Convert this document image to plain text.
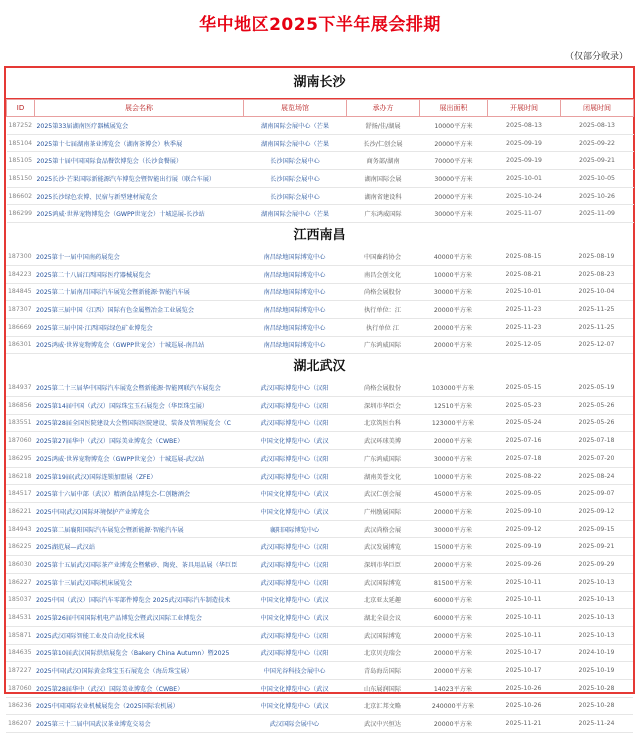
华中地区2025下半年展会排期
（仅部分收录）
湖南长沙
ID	展会名称	展览场馆	承办方	展出面积	开展时间	闭展时间
187252	2025第33届湖南医疗器械展览会	湖南国际会展中心（芒果	舒扬/佳/湖展	10000平方米	2025-08-13	2025-08-13
185104	2025第十七届湖南茶业博览会（湖南茶博会）秋季展	湖南国际会展中心（芒果	长沙/仁创会展	20000平方米	2025-09-19	2025-09-22
185105	2025第十届中国国际食品餐饮博览会（长沙食餐展）	长沙国际会展中心	商务部/湖南	70000平方米	2025-09-19	2025-09-21
185150	2025长沙·芒果国际新能源汽车博览会暨智能出行展（联合车展）	长沙国际会展中心	湖南国际会展	30000平方米	2025-10-01	2025-10-05
186602	2025长沙绿色农博、民宿与新型建材展览会	长沙国际会展中心	湖南省建设科	20000平方米	2025-10-24	2025-10-26
186299	2025鸿威·世界宠物博览会（GWPP世宠会）十城巡展-长沙站	湖南国际会展中心（芒果	广东鸿威国际	30000平方米	2025-11-07	2025-11-09
江西南昌
187300	2025第十一届中国南药展览会	南昌绿地国际博览中心	中国畜药协会	40000平方米	2025-08-15	2025-08-19
184223	2025第二十八届江西国际医疗器械展览会	南昌绿地国际博览中心	南昌会创文化	10000平方米	2025-08-21	2025-08-23
184845	2025第二十届南昌国际汽车展览会暨新能源·智能汽车展	南昌绿地国际博览中心	尚格会展股份	30000平方米	2025-10-01	2025-10-04
187307	2025第三届中国（江西）国际有色金属暨冶金工业展览会	南昌绿地国际博览中心	执行单位：江	20000平方米	2025-11-23	2025-11-25
186669	2025第三届中国·江西国际绿色矿业博览会	南昌绿地国际博览中心	执行单位 江	20000平方米	2025-11-23	2025-11-25
186301	2025鸿威·世界宠物博览会（GWPP世宠会）十城巡展-南昌站	南昌绿地国际博览中心	广东鸿威国际	20000平方米	2025-12-05	2025-12-07
湖北武汉
184937	2025第二十三届华中国际汽车展览会暨新能源·智能网联汽车展览会	武汉国际博览中心（汉阳	尚格会展股份	103000平方米	2025-05-15	2025-05-19
186856	2025第14届中国（武汉）国际珠宝玉石展览会（华臣珠宝展）	武汉国际博览中心（汉阳	深圳市华臣会	12510平方米	2025-05-23	2025-05-26
183551	2025第28届全国医院建设大会暨国际医院建设、装备及管理展览会（C	武汉国际博览中心（汉阳	北京筑医台科	123000平方米	2025-05-24	2025-05-26
187060	2025第27届华中（武汉）国际美业博览会（CWBE）	中国文化博览中心（武汉	武汉环球美博	20000平方米	2025-07-16	2025-07-18
186295	2025鸿威·世界宠物博览会（GWPP世宠会）十城巡展-武汉站	武汉国际博览中心（汉阳	广东鸿威国际	30000平方米	2025-07-18	2025-07-20
186218	2025第19届(武汉)国际连锁加盟展（ZFE）	武汉国际博览中心（汉阳	湖南美誉文化	10000平方米	2025-08-22	2025-08-24
184517	2025第十六届中部（武汉）精酒食品博览会-仁创糖酒会	中国文化博览中心（武汉	武汉仁创会展	45000平方米	2025-09-05	2025-09-07
186221	2025中国(武汉)国际环境保护产业博览会	中国文化博览中心（武汉	广州励展国际	20000平方米	2025-09-10	2025-09-12
184943	2025第二届襄阳国际汽车展览会暨新能源·智能汽车展	襄阳国际博览中心	武汉尚格会展	30000平方米	2025-09-12	2025-09-15
186225	2025湖范展—武汉站	武汉国际博览中心（汉阳	武汉发展博览	15000平方米	2025-09-19	2025-09-21
186030	2025第十五届武汉国际茶产业博览会暨紫砂、陶瓷、茶具用品展（华巨臣	武汉国际博览中心（汉阳	深圳市华巨臣	20000平方米	2025-09-26	2025-09-29
186227	2025第十三届武汉国际机床展览会	武汉国际博览中心（汉阳	武汉国际博览	81500平方米	2025-10-11	2025-10-13
185037	2025中国（武汉）国际汽车零部件博览会 2025武汉国际汽车制造技术	中国文化博览中心（武汉	北京亚太延趣	60000平方米	2025-10-11	2025-10-13
184531	2025第26届中国国际机电产品博览会暨武汉国际工业博览会	中国文化博览中心（武汉	湖北全晨会议	60000平方米	2025-10-11	2025-10-13
185871	2025武汉国际智能工业及自动化技术展	武汉国际博览中心（汉阳	武汉国际博览	20000平方米	2025-10-11	2025-10-13
184635	2025第10届武汉国际烘焙展览会（Bakery China Autumn）暨2025	武汉国际博览中心（汉阳	北京贝克瑞会	20000平方米	2025-10-17	2024-10-19
187227	2025中国(武汉)国际黄金珠宝玉石展览会（海岳珠宝展）	中国光谷科技会展中心	青岛海岳国际	20000平方米	2025-10-17	2025-10-19
187060	2025第28届华中（武汉）国际美业博览会（CWBE）	中国文化博览中心（武汉	山东展润国际	14023平方米	2025-10-26	2025-10-28
186236	2025中国国际农业机械展览会（2025国际农机展）	中国文化博览中心（武汉	北京汇邦文略	240000平方米	2025-10-26	2025-10-28
186207	2025第三十二届中国武汉茶业博览交易会	武汉国际会展中心	武汉中兴恒达	20000平方米	2025-11-21	2025-11-24
